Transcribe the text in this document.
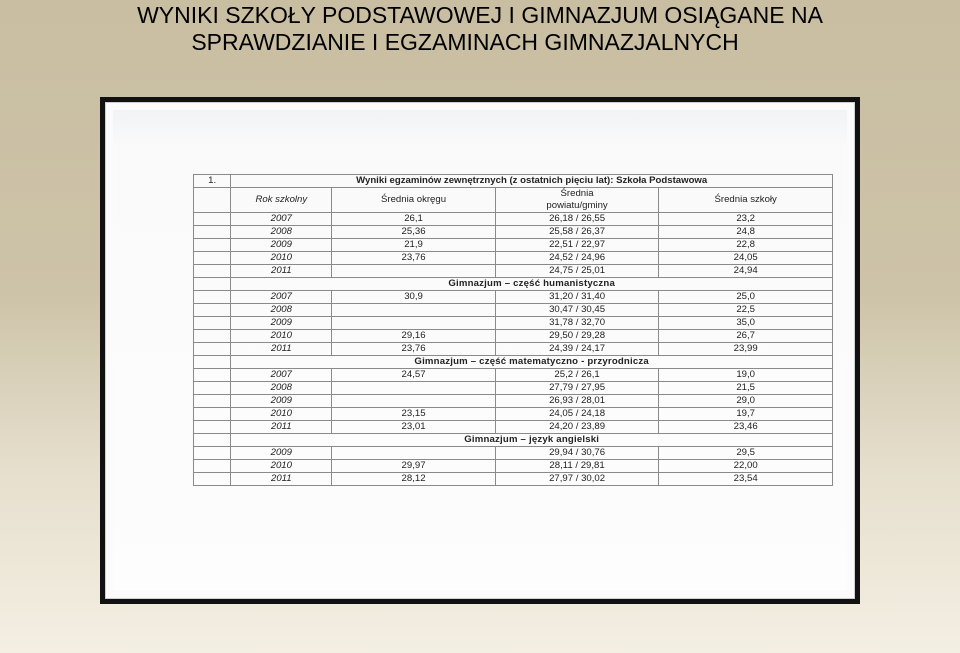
WYNIKI SZKOŁY PODSTAWOWEJ I GIMNAZJUM OSIĄGANE NA
SPRAWDZIANIE I EGZAMINACH GIMNAZJALNYCH
1.	Wyniki egzaminów zewnętrznych (z ostatnich pięciu lat): Szkoła Podstawowa			
	Rok szkolny	Średnia okręgu	Średnia
powiatu/gminy	Średnia szkoły
	2007	26,1	26,18 / 26,55	23,2
	2008	25,36	25,58 / 26,37	24,8
	2009	21,9	22,51 / 22,97	22,8
	2010	23,76	24,52 / 24,96	24,05
	2011		24,75 / 25,01	24,94
	Gimnazjum – część humanistyczna			
	2007	30,9	31,20 / 31,40	25,0
	2008		30,47 / 30,45	22,5
	2009		31,78 / 32,70	35,0
	2010	29,16	29,50 / 29,28	26,7
	2011	23,76	24,39 / 24,17	23,99
	Gimnazjum – część matematyczno - przyrodnicza			
	2007	24,57	25,2 / 26,1	19,0
	2008		27,79 / 27,95	21,5
	2009		26,93 / 28,01	29,0
	2010	23,15	24,05 / 24,18	19,7
	2011	23,01	24,20 / 23,89	23,46
	Gimnazjum – język angielski			
	2009		29,94 / 30,76	29,5
	2010	29,97	28,11 / 29,81	22,00
	2011	28,12	27,97 / 30,02	23,54
